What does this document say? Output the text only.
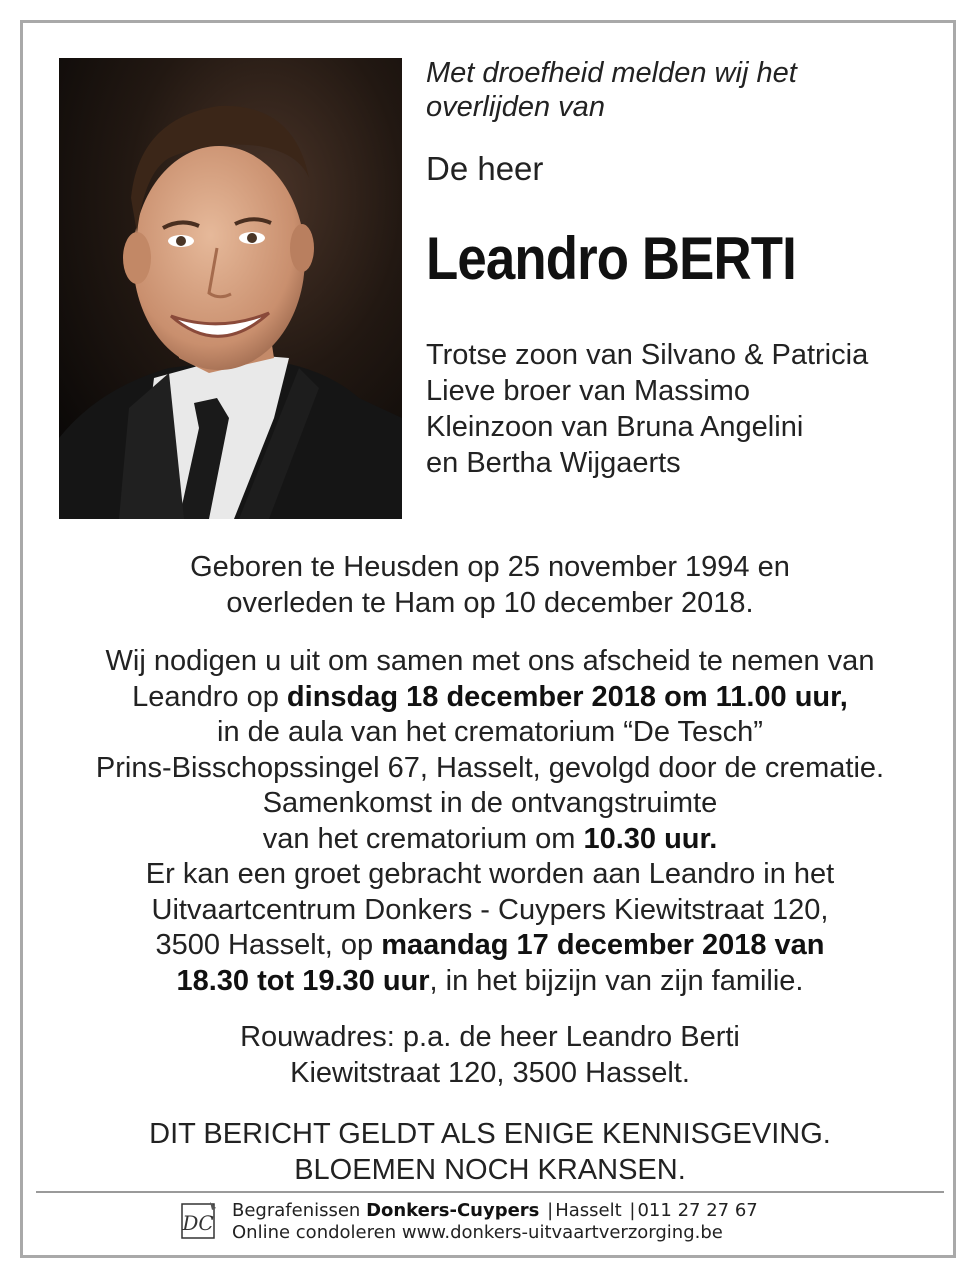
Met droefheid melden wij het
overlijden van
De heer
Leandro BERTI
Trotse zoon van Silvano & Patricia
Lieve broer van Massimo
Kleinzoon van Bruna Angelini
en Bertha Wijgaerts
Geboren te Heusden op 25 november 1994 en
overleden te Ham op 10 december 2018.
Wij nodigen u uit om samen met ons afscheid te nemen van
Leandro op dinsdag 18 december 2018 om 11.00 uur,
in de aula van het crematorium “De Tesch”
Prins-Bisschopssingel 67, Hasselt, gevolgd door de crematie.
Samenkomst in de ontvangstruimte
van het crematorium om 10.30 uur.
Er kan een groet gebracht worden aan Leandro in het
Uitvaartcentrum Donkers - Cuypers Kiewitstraat 120,
3500 Hasselt, op maandag 17 december 2018 van
18.30 tot 19.30 uur, in het bijzijn van zijn familie.
Rouwadres: p.a. de heer Leandro Berti
Kiewitstraat 120, 3500 Hasselt.
DIT BERICHT GELDT ALS ENIGE KENNISGEVING.
BLOEMEN NOCH KRANSEN.
DC
Begrafenissen Donkers-Cuypers | Hasselt | 011 27 27 67
Online condoleren www.donkers-uitvaartverzorging.be
